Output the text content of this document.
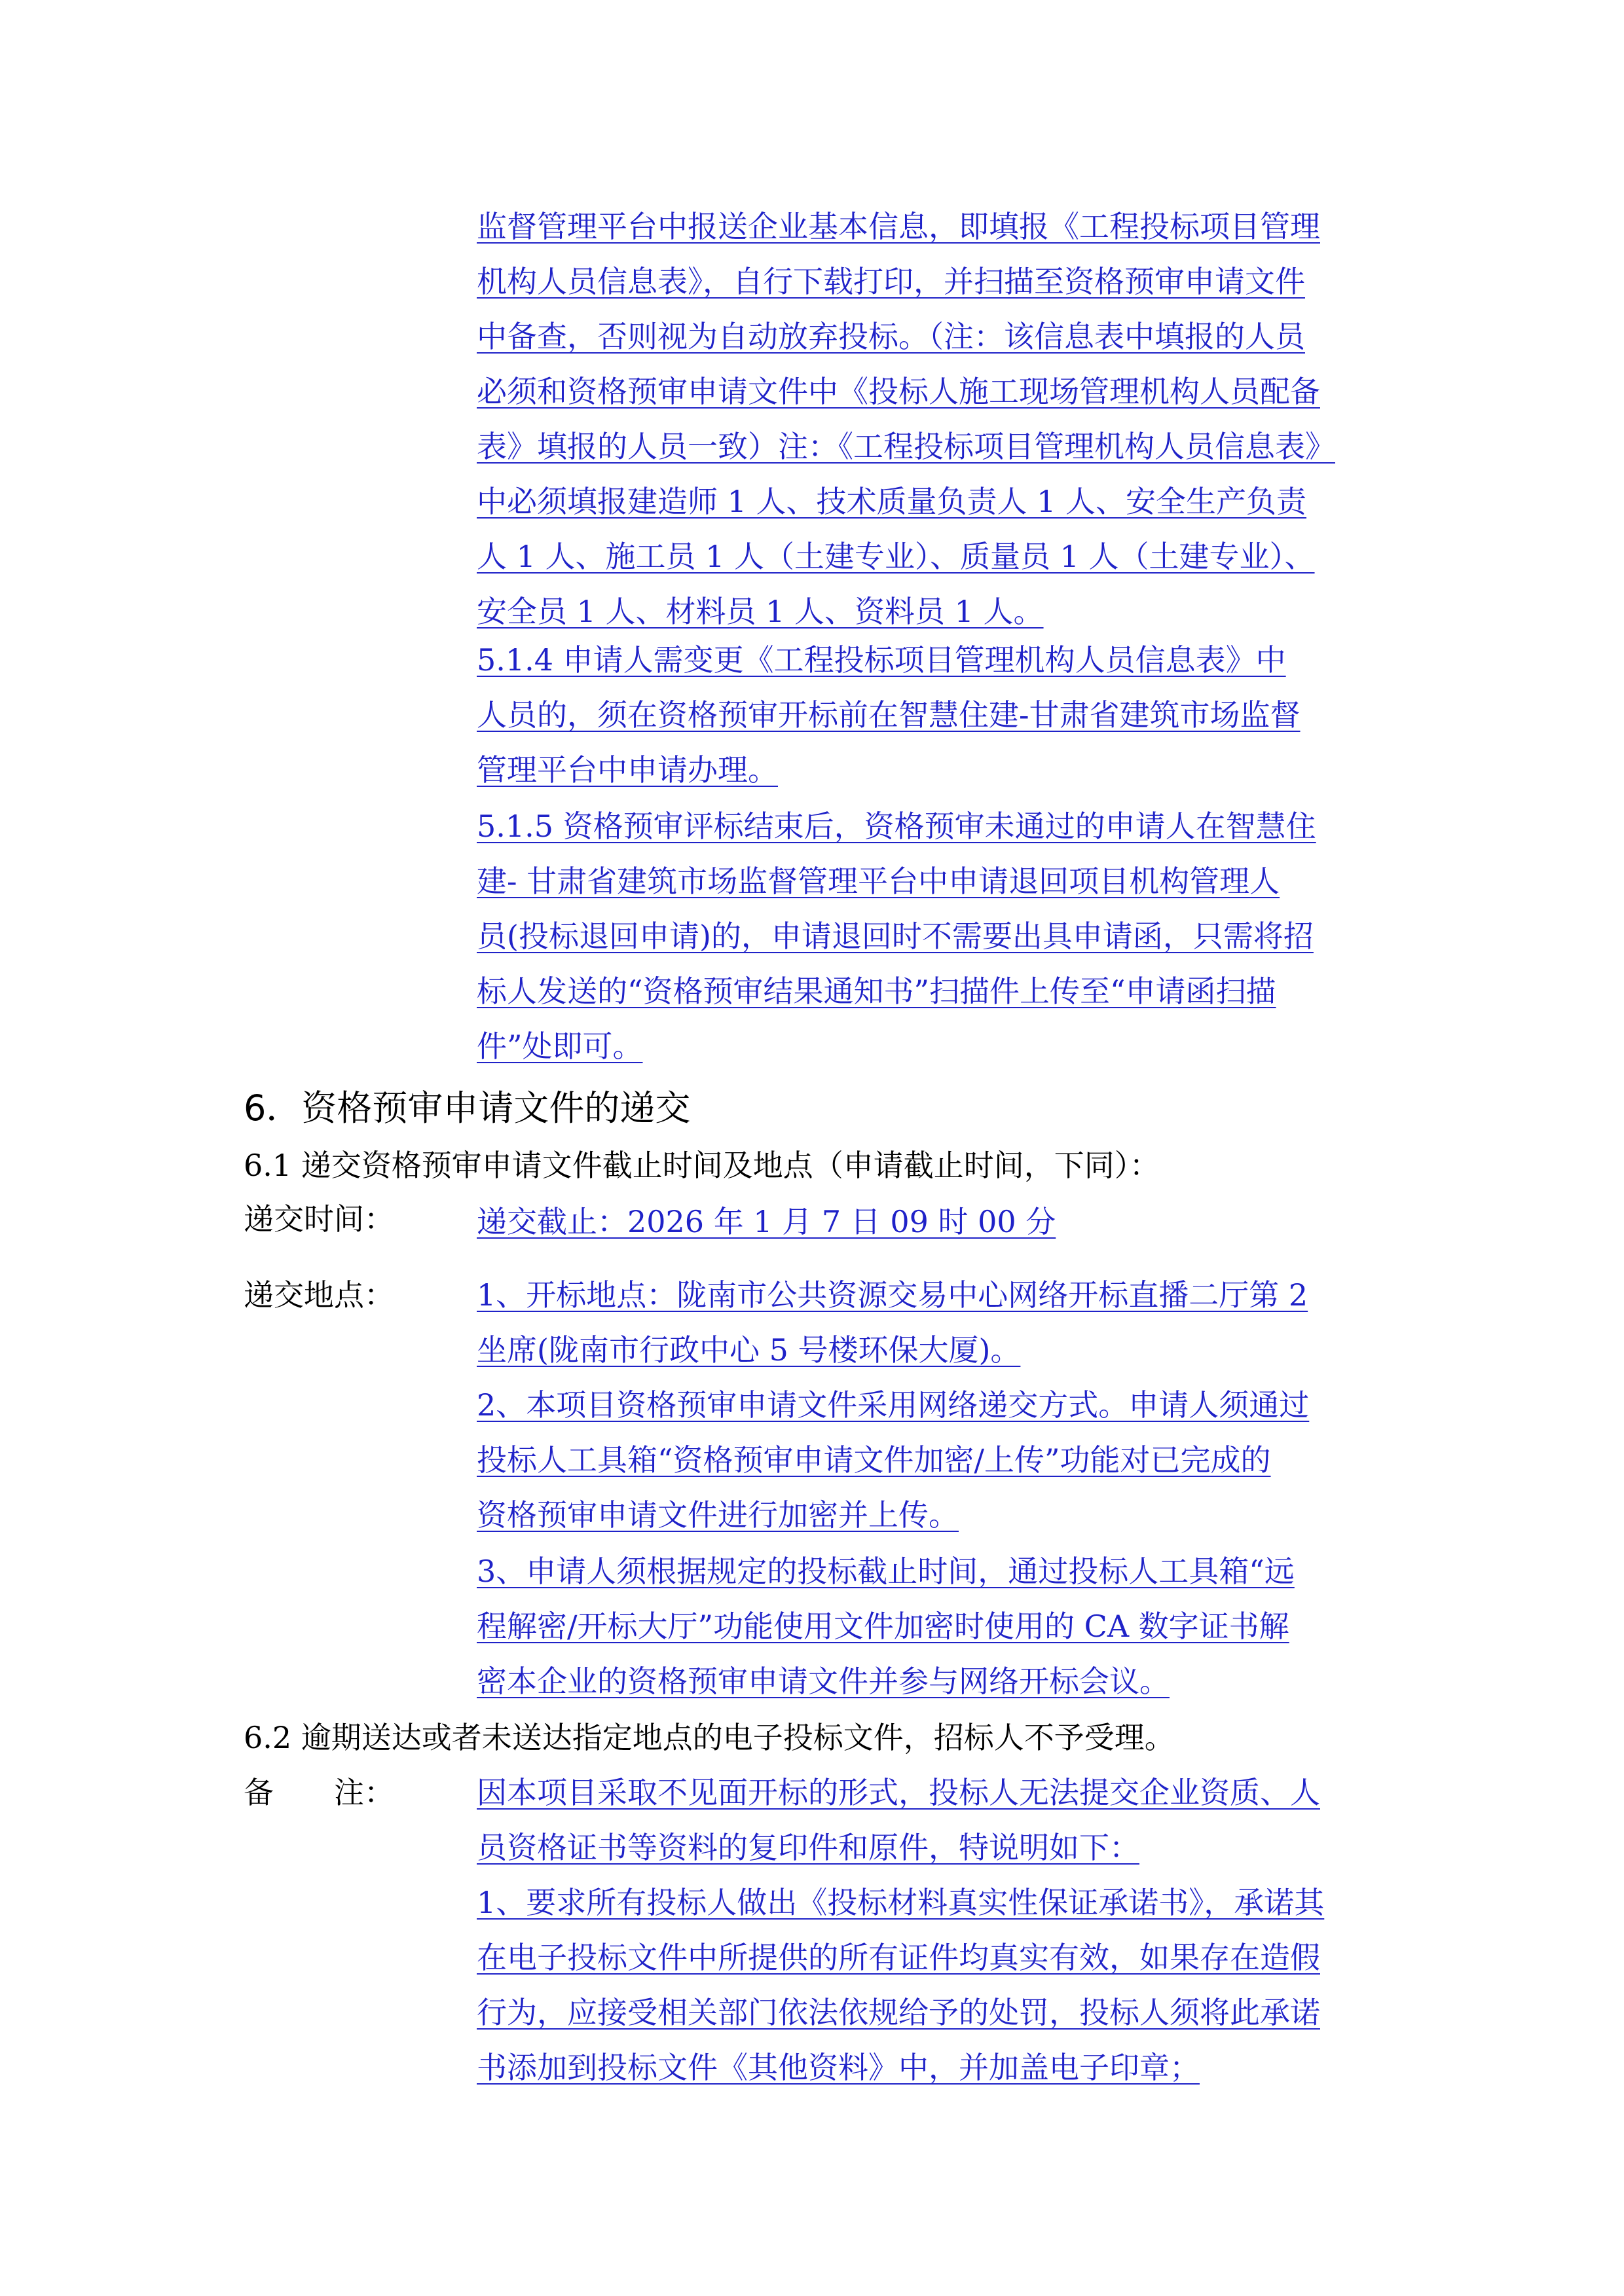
监督管理平台中报送企业基本信息，即填报《工程投标项目管理
机构人员信息表》，自行下载打印，并扫描至资格预审申请文件
中备查，否则视为自动放弃投标。（注：该信息表中填报的人员
必须和资格预审申请文件中《投标人施工现场管理机构人员配备
表》填报的人员一致）注：《工程投标项目管理机构人员信息表》
中必须填报建造师 1 人、技术质量负责人 1 人、安全生产负责
人 1 人、施工员 1 人（土建专业）、质量员 1 人（土建专业）、
安全员 1 人、材料员 1 人、资料员 1 人。
5.1.4 申请人需变更《工程投标项目管理机构人员信息表》中
人员的，须在资格预审开标前在智慧住建-甘肃省建筑市场监督
管理平台中申请办理。
5.1.5 资格预审评标结束后，资格预审未通过的申请人在智慧住
建- 甘肃省建筑市场监督管理平台中申请退回项目机构管理人
员(投标退回申请)的，申请退回时不需要出具申请函，只需将招
标人发送的“资格预审结果通知书”扫描件上传至“申请函扫描
件”处即可。
6．资格预审申请文件的递交
6.1 递交资格预审申请文件截止时间及地点（申请截止时间，下同）：
递交时间：	递交截止：2026 年 1 月 7 日 09 时 00 分
递交地点：	1、开标地点：陇南市公共资源交易中心网络开标直播二厅第 2
坐席(陇南市行政中心 5 号楼环保大厦)。
2、本项目资格预审申请文件采用网络递交方式。申请人须通过
投标人工具箱“资格预审申请文件加密/上传”功能对已完成的
资格预审申请文件进行加密并上传。
3、申请人须根据规定的投标截止时间，通过投标人工具箱“远
程解密/开标大厅”功能使用文件加密时使用的 CA 数字证书解
密本企业的资格预审申请文件并参与网络开标会议。
6.2 逾期送达或者未送达指定地点的电子投标文件，招标人不予受理。
备　　注：	因本项目采取不见面开标的形式，投标人无法提交企业资质、人
员资格证书等资料的复印件和原件，特说明如下：
1、要求所有投标人做出《投标材料真实性保证承诺书》，承诺其
在电子投标文件中所提供的所有证件均真实有效，如果存在造假
行为，应接受相关部门依法依规给予的处罚，投标人须将此承诺
书添加到投标文件《其他资料》中，并加盖电子印章；
